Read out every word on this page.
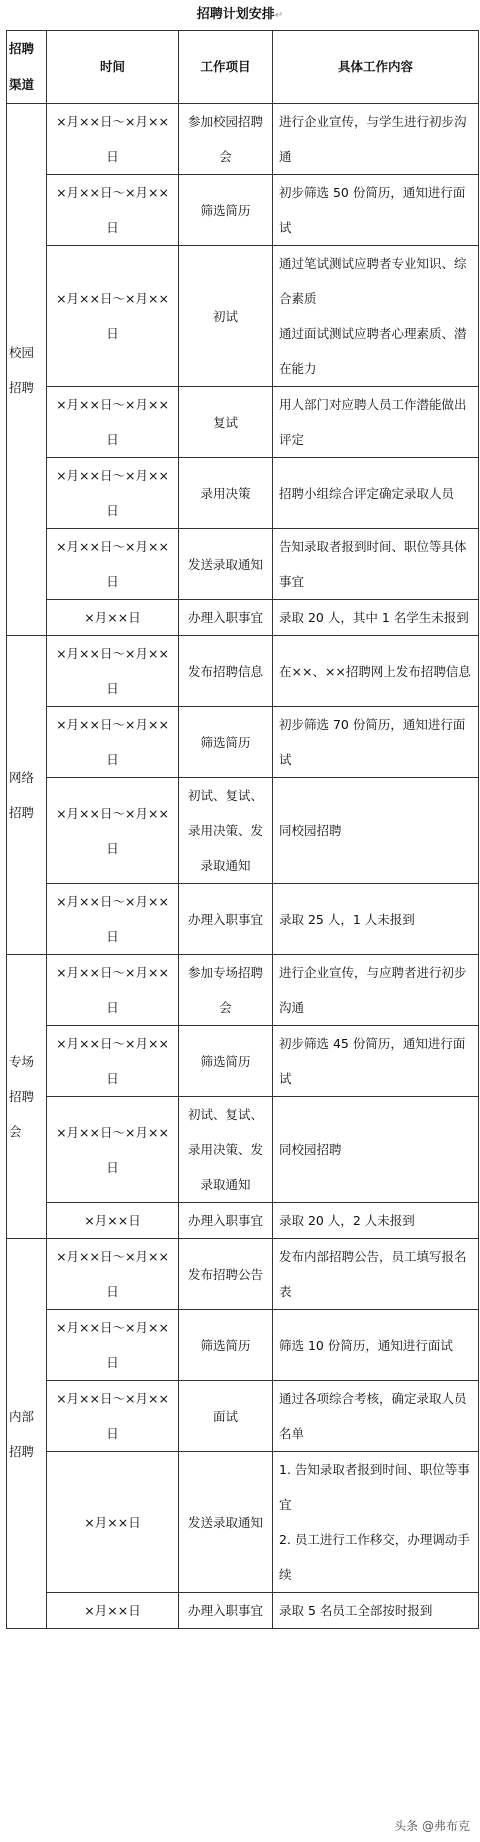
招聘计划安排↵
招聘渠道	时间	工作项目	具体工作内容
校园招聘	×月××日～×月××日	参加校园招聘会	进行企业宣传，与学生进行初步沟通

	×月××日～×月××日	筛选简历	初步筛选 50 份简历，通知进行面试

	×月××日～×月××日	初试	通过笔试测试应聘者专业知识、综合素质
通过面试测试应聘者心理素质、潜在能力

	×月××日～×月××日	复试	用人部门对应聘人员工作潜能做出评定

	×月××日～×月××日	录用决策	招聘小组综合评定确定录取人员

	×月××日～×月××日	发送录取通知	告知录取者报到时间、职位等具体事宜

	×月××日	办理入职事宜	录取 20 人，其中 1 名学生未报到

网络招聘	×月××日～×月××日	发布招聘信息	在××、××招聘网上发布招聘信息

	×月××日～×月××日	筛选简历	初步筛选 70 份简历，通知进行面试

	×月××日～×月××日	初试、复试、录用决策、发录取通知	同校园招聘

	×月××日～×月××日	办理入职事宜	录取 25 人，1 人未报到

专场招聘会	×月××日～×月××日	参加专场招聘会	进行企业宣传，与应聘者进行初步沟通

	×月××日～×月××日	筛选简历	初步筛选 45 份简历，通知进行面试

	×月××日～×月××日	初试、复试、录用决策、发录取通知	同校园招聘

	×月××日	办理入职事宜	录取 20 人，2 人未报到

内部招聘	×月××日～×月××日	发布招聘公告	发布内部招聘公告，员工填写报名表

	×月××日～×月××日	筛选简历	筛选 10 份简历，通知进行面试

	×月××日～×月××日	面试	通过各项综合考核，确定录取人员名单

	×月××日	发送录取通知	1. 告知录取者报到时间、职位等事宜
2. 员工进行工作移交，办理调动手续

	×月××日	办理入职事宜	录取 5 名员工全部按时报到
头条 @弗布克
